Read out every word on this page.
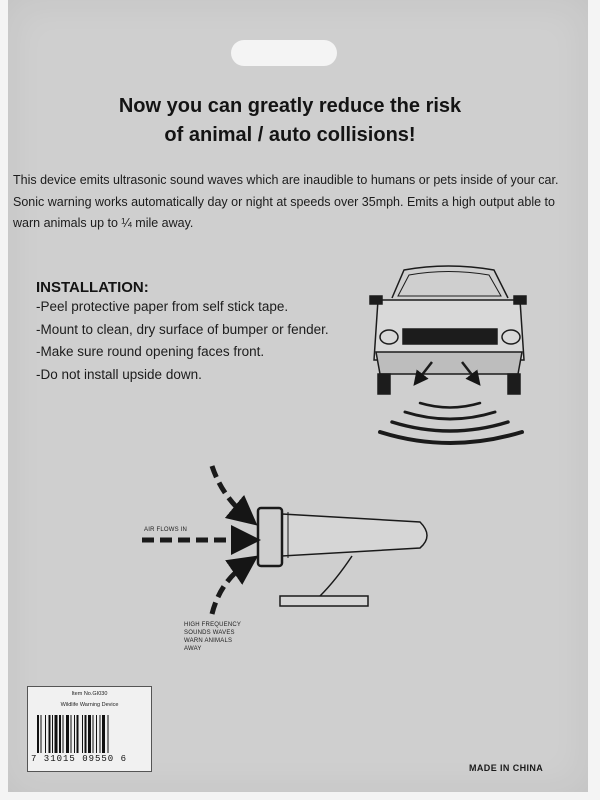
Now you can greatly reduce the risk
of animal / auto collisions!

This device emits ultrasonic sound waves which are inaudible to humans or pets inside of your car. Sonic warning works automatically day or night at speeds over 35mph. Emits a high output able to warn animals up to ¼ mile away.

INSTALLATION:
-Peel protective paper from self stick tape.
-Mount to clean, dry surface of bumper or fender.
-Make sure round opening faces front.
-Do not install upside down.
AIR FLOWS IN
HIGH FREQUENCY
SOUNDS WAVES
WARN ANIMALS
AWAY
Item No.GI030
Wildlife Warning Device
7 31015 09550 6

MADE IN CHINA
